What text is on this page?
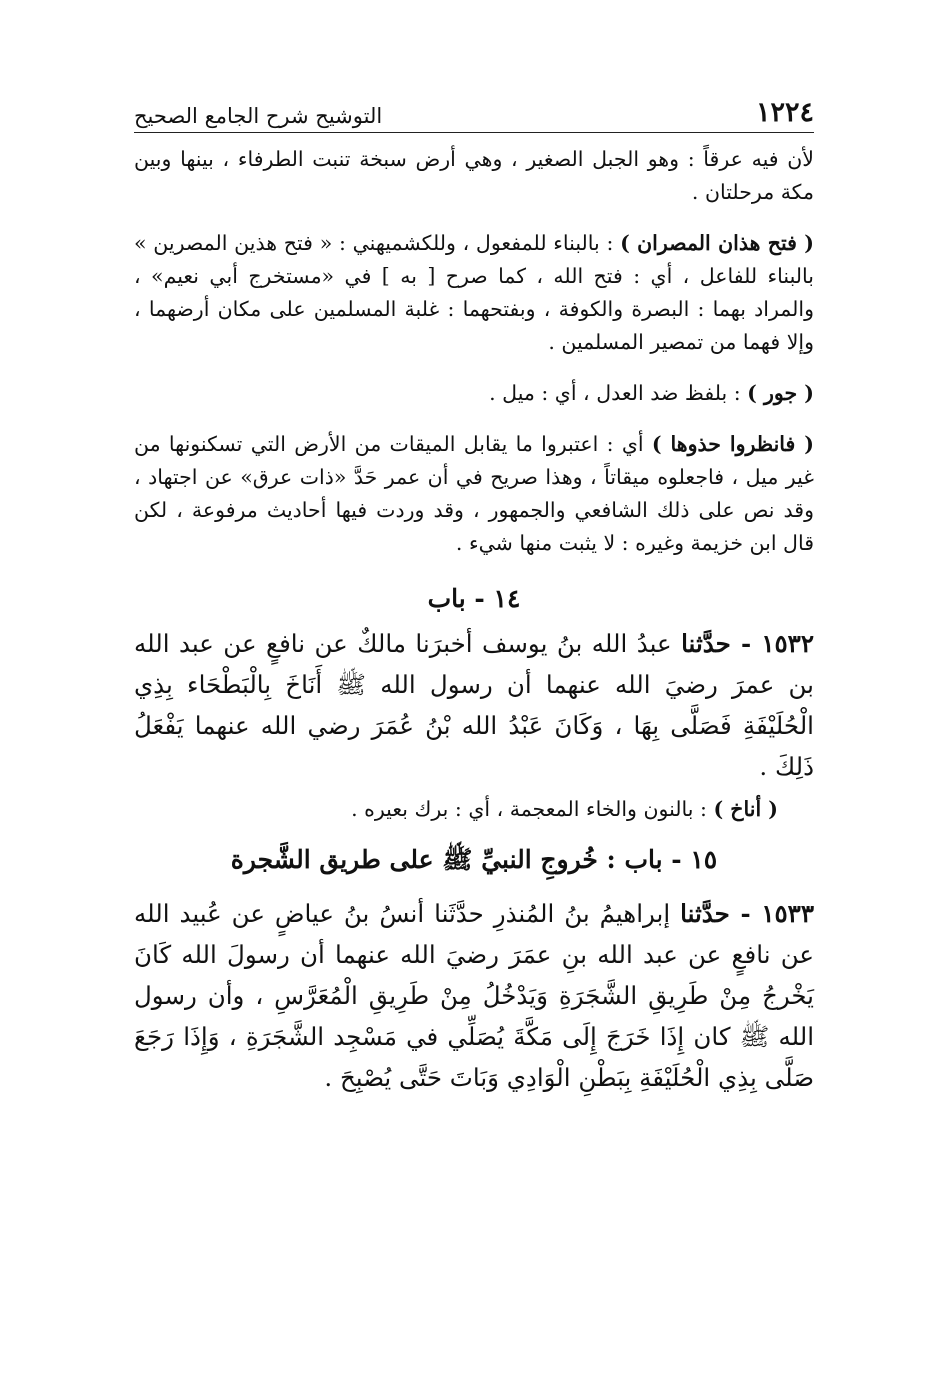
١٢٢٤
التوشيح شرح الجامع الصحيح

لأن فيه عرقاً : وهو الجبل الصغير ، وهي أرض سبخة تنبت الطرفاء ، بينها وبين مكة مرحلتان .

( فتح هذان المصران ) : بالبناء للمفعول ، وللكشميهني : « فتح هذين المصرين » بالبناء للفاعل ، أي : فتح الله ، كما صرح [ به ] في «مستخرج أبي نعيم» ، والمراد بهما : البصرة والكوفة ، وبفتحهما : غلبة المسلمين على مكان أرضهما ، وإلا فهما من تمصير المسلمين .

( جور ) : بلفظ ضد العدل ، أي : ميل .

( فانظروا حذوها ) أي : اعتبروا ما يقابل الميقات من الأرض التي تسكنونها من غير ميل ، فاجعلوه ميقاتاً ، وهذا صريح في أن عمر حَدَّ «ذات عرق» عن اجتهاد ، وقد نص على ذلك الشافعي والجمهور ، وقد وردت فيها أحاديث مرفوعة ، لكن قال ابن خزيمة وغيره : لا يثبت منها شيء .

١٤ - باب

١٥٣٢ - حدَّثنا عبدُ الله بنُ يوسف أخبرَنا مالكٌ عن نافعٍ عن عبد الله بن عمرَ رضيَ الله عنهما أن رسول الله ﷺ أَنَاخَ بِالْبَطْحَاء بِذِي الْحُلَيْفَةِ فَصَلَّى بِهَا ، وَكَانَ عَبْدُ الله بْنُ عُمَرَ رضي الله عنهما يَفْعَلُ ذَلِكَ .

( أناخ ) : بالنون والخاء المعجمة ، أي : برك بعيره .

١٥ - باب : خُروجِ النبيِّ ﷺ على طريق الشَّجرة

١٥٣٣ - حدَّثنا إبراهيمُ بنُ المُنذرِ حدَّثَنا أنسُ بنُ عياضٍ عن عُبيد الله عن نافعٍ عن عبد الله بنِ عمَرَ رضيَ الله عنهما أن رسولَ الله كَانَ يَخْرجُ مِنْ طَرِيقِ الشَّجَرَةِ وَيَدْخُلُ مِنْ طَرِيقِ الْمُعَرَّسِ ، وأن رسول الله ﷺ كان إِذَا خَرَجَ إِلَى مَكَّةَ يُصَلِّي في مَسْجِد الشَّجَرَةِ ، وَإِذَا رَجَعَ صَلَّى بِذِي الْحُلَيْفَةِ بِبَطْنِ الْوَادِي وَبَاتَ حَتَّى يُصْبِحَ .
